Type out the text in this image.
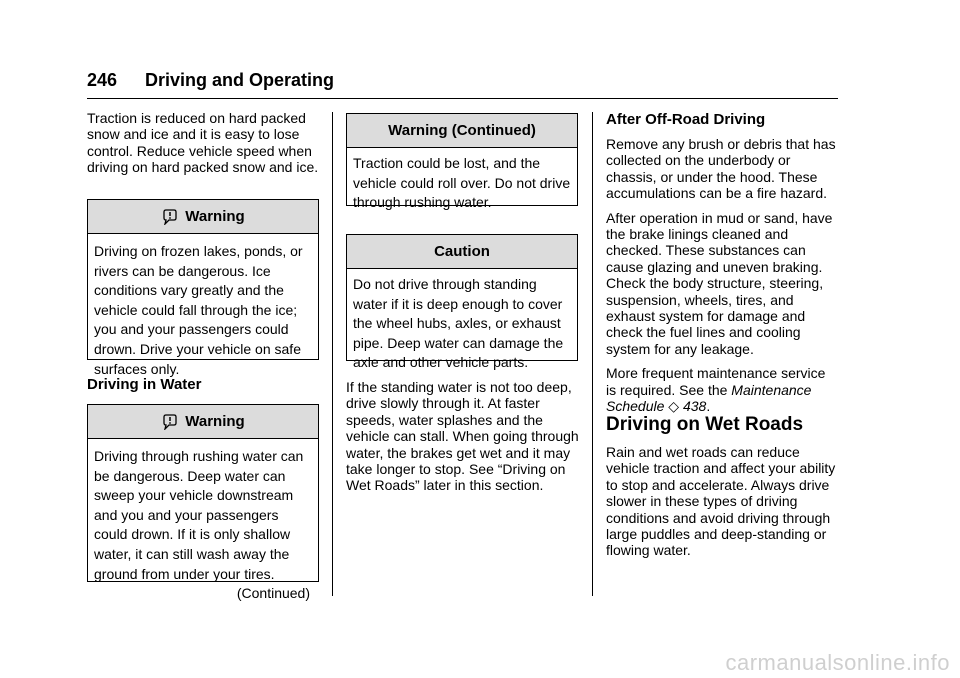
246 Driving and Operating

Traction is reduced on hard packed snow and ice and it is easy to lose control. Reduce vehicle speed when driving on hard packed snow and ice.

Warning
Driving on frozen lakes, ponds, or rivers can be dangerous. Ice conditions vary greatly and the vehicle could fall through the ice; you and your passengers could drown. Drive your vehicle on safe surfaces only.
Driving in Water
Warning
Driving through rushing water can be dangerous. Deep water can sweep your vehicle downstream and you and your passengers could drown. If it is only shallow water, it can still wash away the ground from under your tires.
(Continued)
Warning (Continued)
Traction could be lost, and the vehicle could roll over. Do not drive through rushing water.
Caution
Do not drive through standing water if it is deep enough to cover the wheel hubs, axles, or exhaust pipe. Deep water can damage the axle and other vehicle parts.

If the standing water is not too deep, drive slowly through it. At faster speeds, water splashes and the vehicle can stall. When going through water, the brakes get wet and it may take longer to stop. See “Driving on Wet Roads” later in this section.

After Off-Road Driving

Remove any brush or debris that has collected on the underbody or chassis, or under the hood. These accumulations can be a fire hazard.

After operation in mud or sand, have the brake linings cleaned and checked. These substances can cause glazing and uneven braking. Check the body structure, steering, suspension, wheels, tires, and exhaust system for damage and check the fuel lines and cooling system for any leakage.

More frequent maintenance service is required. See the Maintenance Schedule ◇ 438.

Driving on Wet Roads

Rain and wet roads can reduce vehicle traction and affect your ability to stop and accelerate. Always drive slower in these types of driving conditions and avoid driving through large puddles and deep-standing or flowing water.

carmanualsonline.info
